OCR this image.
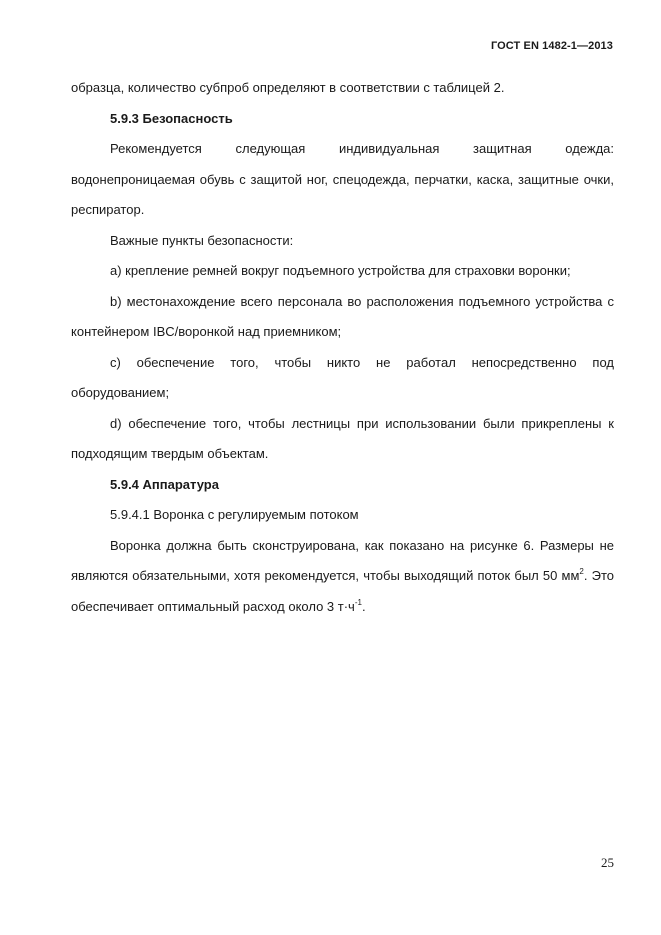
ГОСТ EN 1482-1—2013

образца, количество субпроб определяют в соответствии с таблицей 2.

5.9.3 Безопасность

Рекомендуется следующая индивидуальная защитная одежда: водонепроницаемая обувь с защитой ног, спецодежда, перчатки, каска, защитные очки, респиратор.

Важные пункты безопасности:

a) крепление ремней вокруг подъемного устройства для страховки воронки;

b) местонахождение всего персонала во расположения подъемного устройства с контейнером IBC/воронкой над приемником;

c) обеспечение того, чтобы никто не работал непосредственно под оборудованием;

d) обеспечение того, чтобы лестницы при использовании были прикреплены к подходящим твердым объектам.

5.9.4 Аппаратура

5.9.4.1 Воронка с регулируемым потоком

Воронка должна быть сконструирована, как показано на рисунке 6. Размеры не являются обязательными, хотя рекомендуется, чтобы выходящий поток был 50 $мм^2$. Это обеспечивает оптимальный расход около 3 $т\cdot ч^{-1}$.

25
